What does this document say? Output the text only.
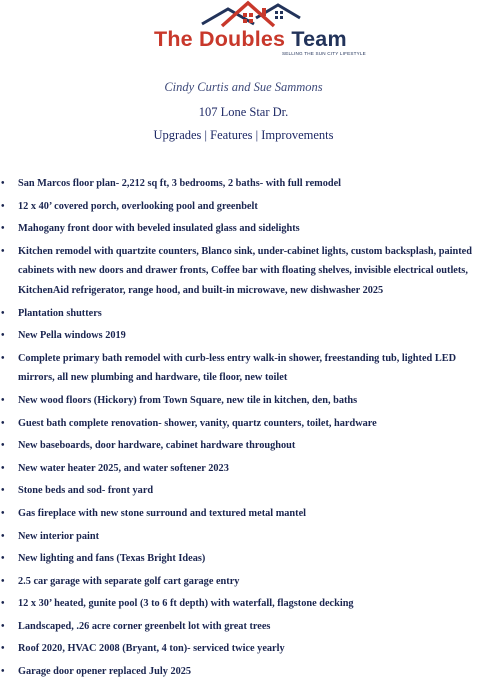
The Doubles Team
SELLING THE SUN CITY LIFESTYLE
Cindy Curtis and Sue Sammons
107 Lone Star Dr.
Upgrades | Features | Improvements
• San Marcos floor plan- 2,212 sq ft, 3 bedrooms, 2 baths- with full remodel
• 12 x 40’ covered porch, overlooking pool and greenbelt
• Mahogany front door with beveled insulated glass and sidelights
• Kitchen remodel with quartzite counters, Blanco sink, under-cabinet lights, custom backsplash, painted cabinets with new doors and drawer fronts, Coffee bar with floating shelves, invisible electrical outlets, KitchenAid refrigerator, range hood, and built-in microwave, new dishwasher 2025
• Plantation shutters
• New Pella windows 2019
• Complete primary bath remodel with curb-less entry walk-in shower, freestanding tub, lighted LED mirrors, all new plumbing and hardware, tile floor, new toilet
• New wood floors (Hickory) from Town Square, new tile in kitchen, den, baths
• Guest bath complete renovation- shower, vanity, quartz counters, toilet, hardware
• New baseboards, door hardware, cabinet hardware throughout
• New water heater 2025, and water softener 2023
• Stone beds and sod- front yard
• Gas fireplace with new stone surround and textured metal mantel
• New interior paint
• New lighting and fans (Texas Bright Ideas)
• 2.5 car garage with separate golf cart garage entry
• 12 x 30’ heated, gunite pool (3 to 6 ft depth) with waterfall, flagstone decking
• Landscaped, .26 acre corner greenbelt lot with great trees
• Roof 2020, HVAC 2008 (Bryant, 4 ton)- serviced twice yearly
• Garage door opener replaced July 2025
